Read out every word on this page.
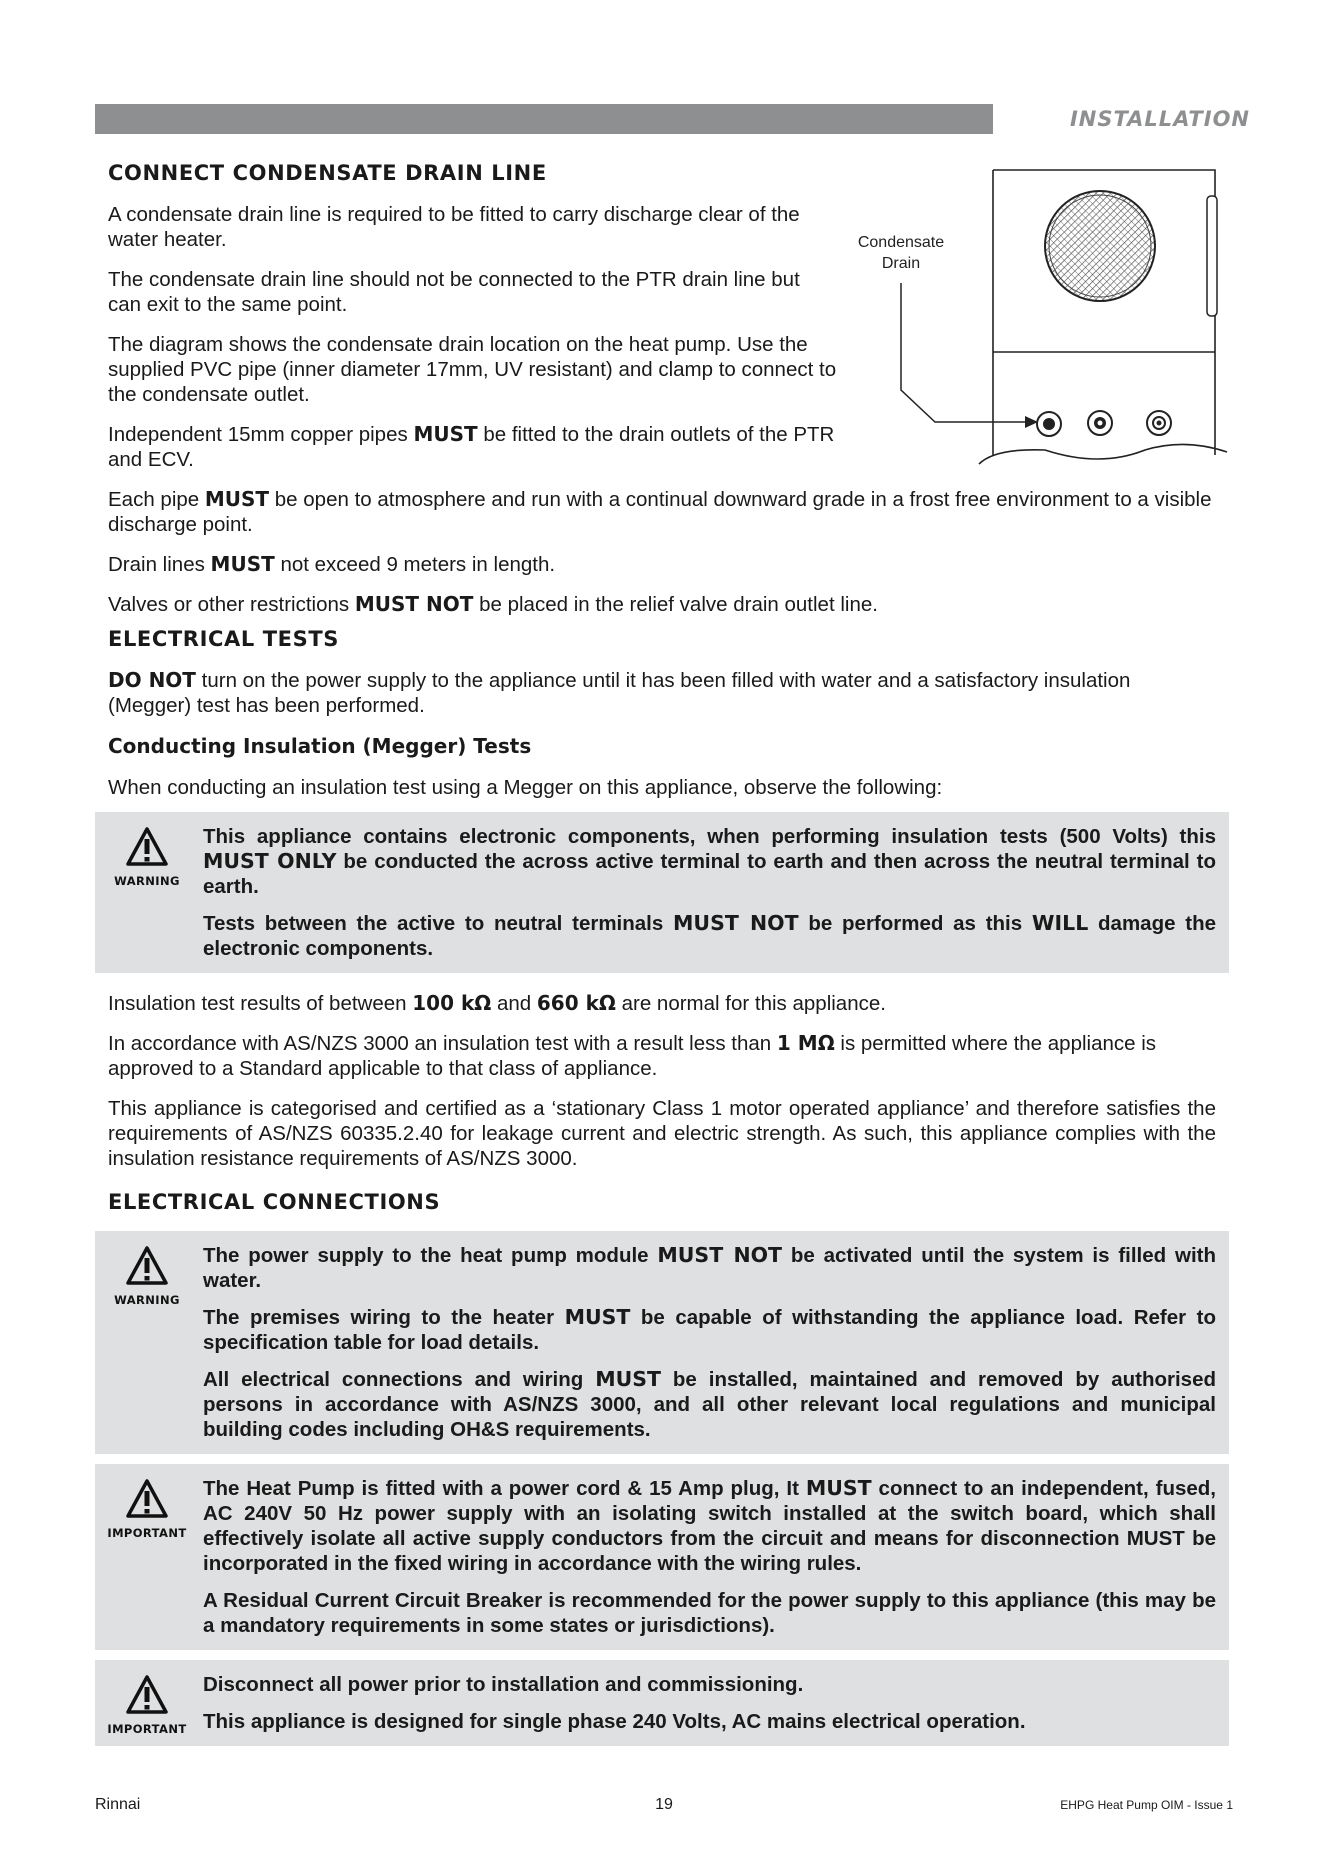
INSTALLATION
Condensate
Drain
CONNECT CONDENSATE DRAIN LINE

A condensate drain line is required to be fitted to carry discharge clear of the water heater.

The condensate drain line should not be connected to the PTR drain line but can exit to the same point.

The diagram shows the condensate drain location on the heat pump. Use the supplied PVC pipe (inner diameter 17mm, UV resistant) and clamp to connect to the condensate outlet.

Independent 15mm copper pipes MUST be fitted to the drain outlets of the PTR and ECV.

Each pipe MUST be open to atmosphere and run with a continual downward grade in a frost free environment to a visible discharge point.

Drain lines MUST not exceed 9 meters in length.

Valves or other restrictions MUST NOT be placed in the relief valve drain outlet line.

ELECTRICAL TESTS

DO NOT turn on the power supply to the appliance until it has been filled with water and a satisfactory insulation (Megger) test has been performed.

Conducting Insulation (Megger) Tests

When conducting an insulation test using a Megger on this appliance, observe the following:

WARNING

This appliance contains electronic components, when performing insulation tests (500 Volts) this MUST ONLY be conducted the across active terminal to earth and then across the neutral terminal to earth.

Tests between the active to neutral terminals MUST NOT be performed as this WILL damage the electronic components.

Insulation test results of between 100 kΩ and 660 kΩ are normal for this appliance.

In accordance with AS/NZS 3000 an insulation test with a result less than 1 MΩ is permitted where the appliance is approved to a Standard applicable to that class of appliance.

This appliance is categorised and certified as a ‘stationary Class 1 motor operated appliance’ and therefore satisfies the requirements of AS/NZS 60335.2.40 for leakage current and electric strength. As such, this appliance complies with the insulation resistance requirements of AS/NZS 3000.

ELECTRICAL CONNECTIONS
WARNING

The power supply to the heat pump module MUST NOT be activated until the system is filled with water.

The premises wiring to the heater MUST be capable of withstanding the appliance load. Refer to specification table for load details.

All electrical connections and wiring MUST be installed, maintained and removed by authorised persons in accordance with AS/NZS 3000, and all other relevant local regulations and municipal building codes including OH&S requirements.

IMPORTANT

The Heat Pump is fitted with a power cord & 15 Amp plug, It MUST connect to an independent, fused, AC 240V 50 Hz power supply with an isolating switch installed at the switch board, which shall effectively isolate all active supply conductors from the circuit and means for disconnection MUST be incorporated in the fixed wiring in accordance with the wiring rules.

A Residual Current Circuit Breaker is recommended for the power supply to this appliance (this may be a mandatory requirements in some states or jurisdictions).

IMPORTANT

Disconnect all power prior to installation and commissioning.

This appliance is designed for single phase 240 Volts, AC mains electrical operation.

Rinnai	19	EHPG Heat Pump OIM - Issue 1
